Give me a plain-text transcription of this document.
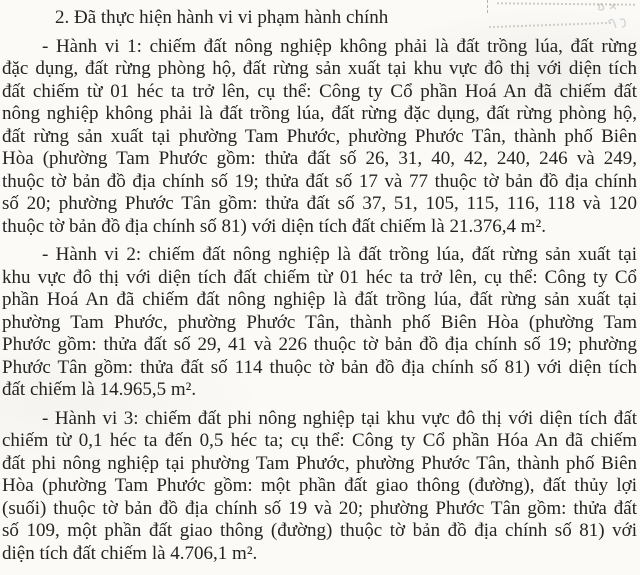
2. Đã thực hiện hành vi vi phạm hành chính
- Hành vi 1: chiếm đất nông nghiệp không phải là đất trồng lúa, đất rừng
đặc dụng, đất rừng phòng hộ, đất rừng sản xuất tại khu vực đô thị với diện tích
đất chiếm từ 01 héc ta trở lên, cụ thể: Công ty Cổ phần Hoá An đã chiếm đất
nông nghiệp không phải là đất trồng lúa, đất rừng đặc dụng, đất rừng phòng hộ,
đất rừng sản xuất tại phường Tam Phước, phường Phước Tân, thành phố Biên
Hòa (phường Tam Phước gồm: thửa đất số 26, 31, 40, 42, 240, 246 và 249,
thuộc tờ bản đồ địa chính số 19; thửa đất số 17 và 77 thuộc tờ bản đồ địa chính
số 20; phường Phước Tân gồm: thửa đất số 37, 51, 105, 115, 116, 118 và 120
thuộc tờ bản đồ địa chính số 81) với diện tích đất chiếm là 21.376,4 m².
- Hành vi 2: chiếm đất nông nghiệp là đất trồng lúa, đất rừng sản xuất tại
khu vực đô thị với diện tích đất chiếm từ 01 héc ta trở lên, cụ thể: Công ty Cổ
phần Hoá An đã chiếm đất nông nghiệp là đất trồng lúa, đất rừng sản xuất tại
phường Tam Phước, phường Phước Tân, thành phố Biên Hòa (phường Tam
Phước gồm: thửa đất số 29, 41 và 226 thuộc tờ bản đồ địa chính số 19; phường
Phước Tân gồm: thửa đất số 114 thuộc tờ bản đồ địa chính số 81) với diện tích
đất chiếm là 14.965,5 m².
- Hành vi 3: chiếm đất phi nông nghiệp tại khu vực đô thị với diện tích đất
chiếm từ 0,1 héc ta đến 0,5 héc ta; cụ thể: Công ty Cổ phần Hóa An đã chiếm
đất phi nông nghiệp tại phường Tam Phước, phường Phước Tân, thành phố Biên
Hòa (phường Tam Phước gồm: một phần đất giao thông (đường), đất thủy lợi
(suối) thuộc tờ bản đồ địa chính số 19 và 20; phường Phước Tân gồm: thửa đất
số 109, một phần đất giao thông (đường) thuộc tờ bản đồ địa chính số 81) với
diện tích đất chiếm là 4.706,1 m².
